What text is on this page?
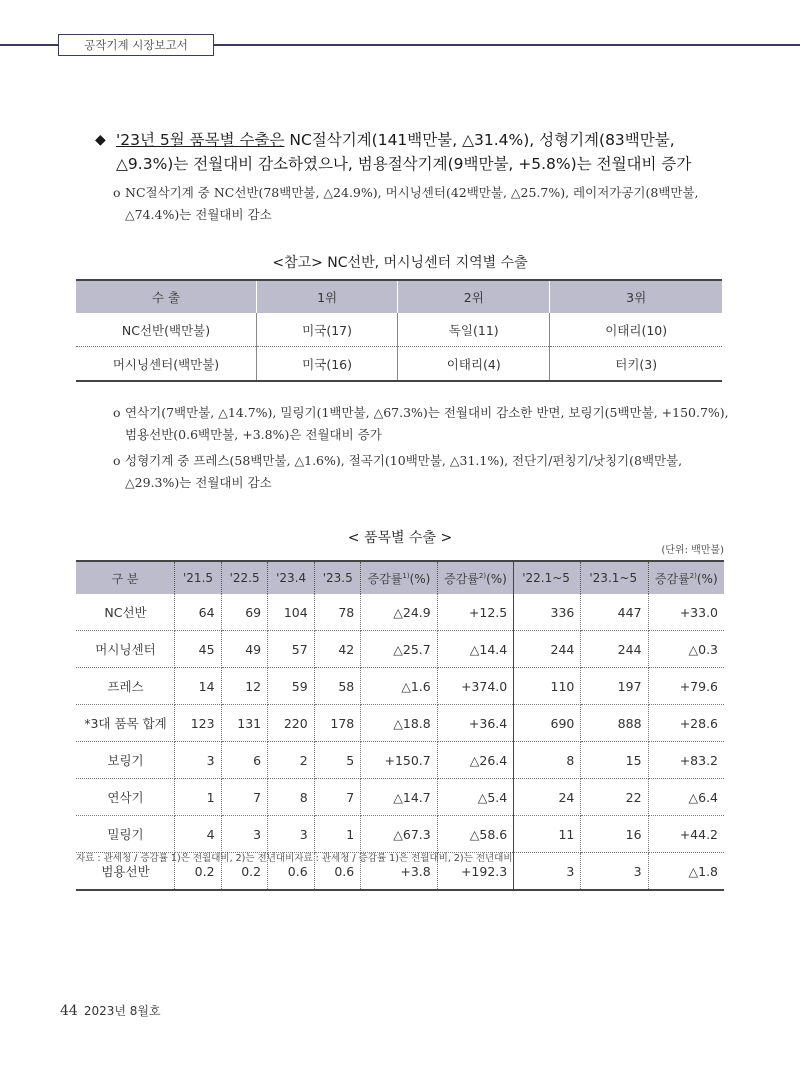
공작기계 시장보고서
◆ '23년 5월 품목별 수출은 NC절삭기계(141백만불, △31.4%), 성형기계(83백만불, △9.3%)는 전월대비 감소하였으나, 범용절삭기계(9백만불, +5.8%)는 전월대비 증가
o NC절삭기계 중 NC선반(78백만불, △24.9%), 머시닝센터(42백만불, △25.7%), 레이저가공기(8백만불, △74.4%)는 전월대비 감소
<참고> NC선반, 머시닝센터 지역별 수출
수 출	1위	2위	3위
NC선반(백만불)	미국(17)	독일(11)	이태리(10)
머시닝센터(백만불)	미국(16)	이태리(4)	터키(3)
o 연삭기(7백만불, △14.7%), 밀링기(1백만불, △67.3%)는 전월대비 감소한 반면, 보링기(5백만불, +150.7%), 범용선반(0.6백만불, +3.8%)은 전월대비 증가
o 성형기계 중 프레스(58백만불, △1.6%), 절곡기(10백만불, △31.1%), 전단기/펀칭기/낫칭기(8백만불, △29.3%)는 전월대비 감소
< 품목별 수출 >
(단위: 백만불)
구 분	'21.5	'22.5	'23.4	'23.5	증감률$^{1)}$(%)	증감률$^{2)}$(%)	'22.1~5	'23.1~5	증감률$^{2)}$(%)
NC선반	64	69	104	78	△24.9	+12.5	336	447	+33.0
머시닝센터	45	49	57	42	△25.7	△14.4	244	244	△0.3
프레스	14	12	59	58	△1.6	+374.0	110	197	+79.6
*3대 품목 합계	123	131	220	178	△18.8	+36.4	690	888	+28.6
보링기	3	6	2	5	+150.7	△26.4	8	15	+83.2
연삭기	1	7	8	7	△14.7	△5.4	24	22	△6.4
밀링기	4	3	3	1	△67.3	△58.6	11	16	+44.2
범용선반	0.2	0.2	0.6	0.6	+3.8	+192.3	3	3	△1.8
자료 : 관세청 / 증감률 1)은 전월대비, 2)는 전년대비자료 : 관세청 / 증감률 1)은 전월대비, 2)는 전년대비
44 2023년 8월호
